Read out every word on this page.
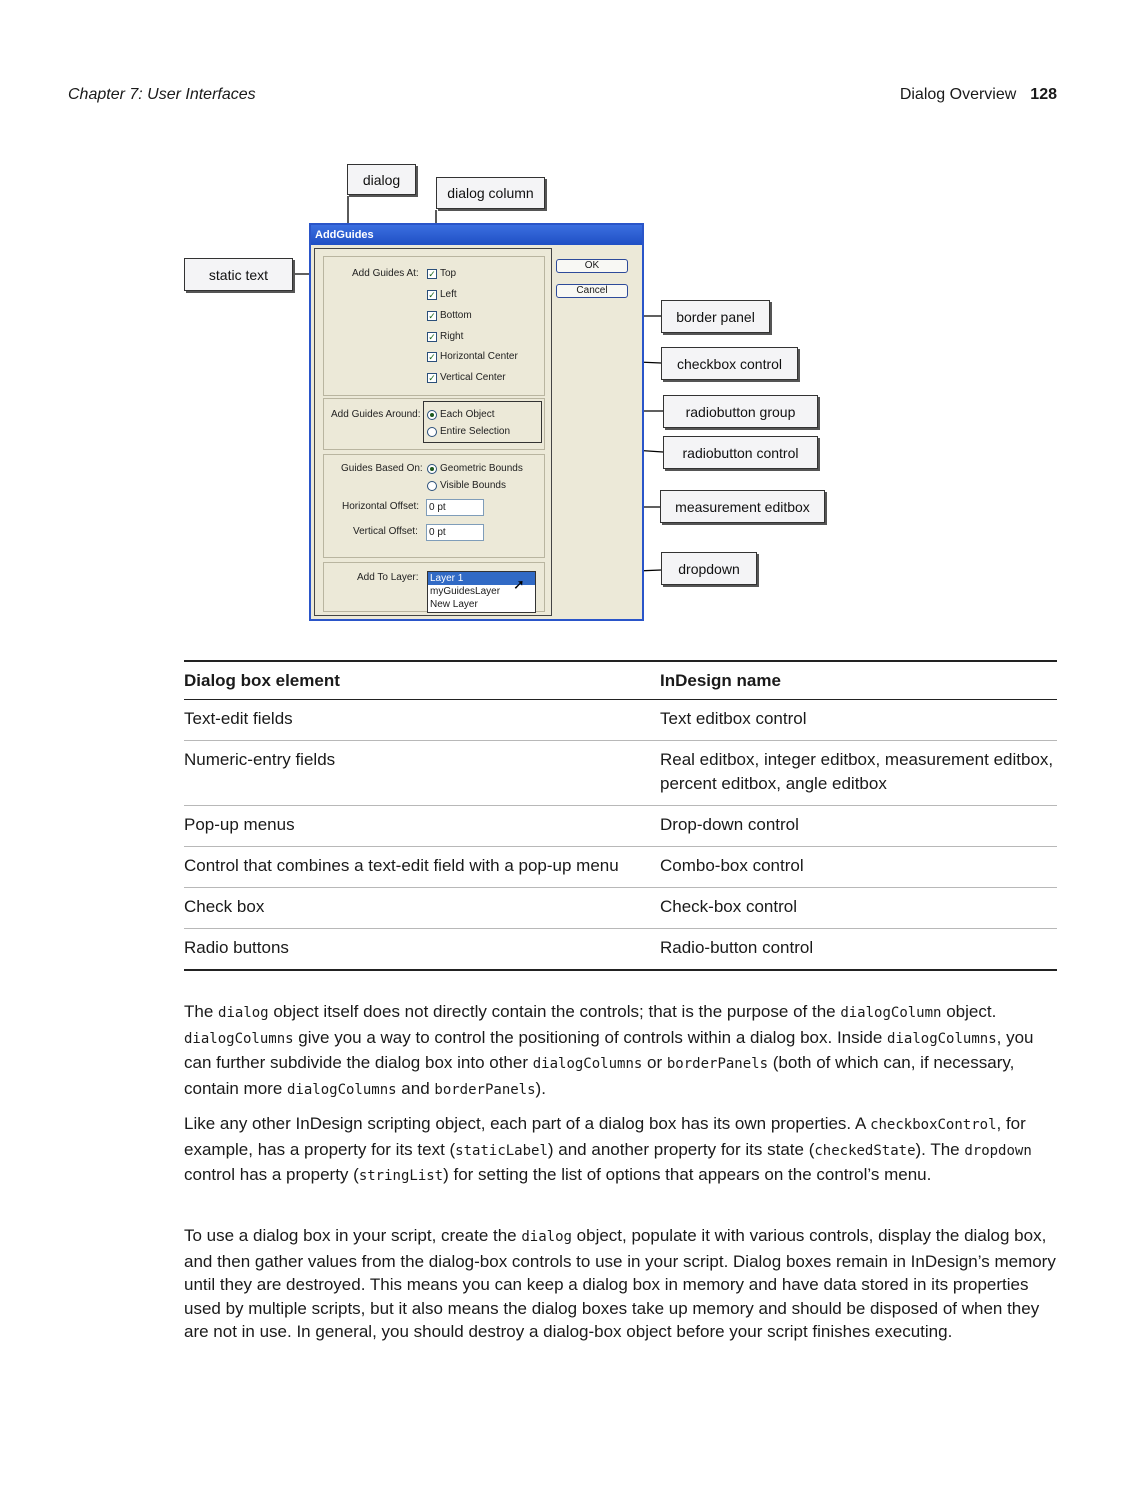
Chapter 7: User Interfaces	Dialog Overview 128
AddGuides
OK
Cancel
Add Guides At: ✓ Top
✓ Left
✓ Bottom
✓ Right
✓ Horizontal Center
✓ Vertical Center
Add Guides Around: Each Object
Entire Selection
Guides Based On: Geometric Bounds
Visible Bounds
Horizontal Offset: 0 pt
Vertical Offset:	0 pt
Add To Layer: Layer 1
myGuidesLayer
New Layer
➚
dialog
dialog column
static text
border panel
checkbox control
radiobutton group
radiobutton control
measurement editbox
dropdown
Dialog box element	InDesign name
Text-edit fields	Text editbox control
Numeric-entry fields	Real editbox, integer editbox, measurement editbox, percent editbox, angle editbox
Pop-up menus	Drop-down control
Control that combines a text-edit field with a pop-up menu	Combo-box control
Check box	Check-box control
Radio buttons	Radio-button control

The dialog object itself does not directly contain the controls; that is the purpose of the dialogColumn object. dialogColumns give you a way to control the positioning of controls within a dialog box. Inside dialogColumns, you can further subdivide the dialog box into other dialogColumns or borderPanels (both of which can, if necessary, contain more dialogColumns and borderPanels).

Like any other InDesign scripting object, each part of a dialog box has its own properties. A checkboxControl, for example, has a property for its text (staticLabel) and another property for its state (checkedState). The dropdown control has a property (stringList) for setting the list of options that appears on the control’s menu.

To use a dialog box in your script, create the dialog object, populate it with various controls, display the dialog box, and then gather values from the dialog-box controls to use in your script. Dialog boxes remain in InDesign’s memory until they are destroyed. This means you can keep a dialog box in memory and have data stored in its properties used by multiple scripts, but it also means the dialog boxes take up memory and should be disposed of when they are not in use. In general, you should destroy a dialog-box object before your script finishes executing.
